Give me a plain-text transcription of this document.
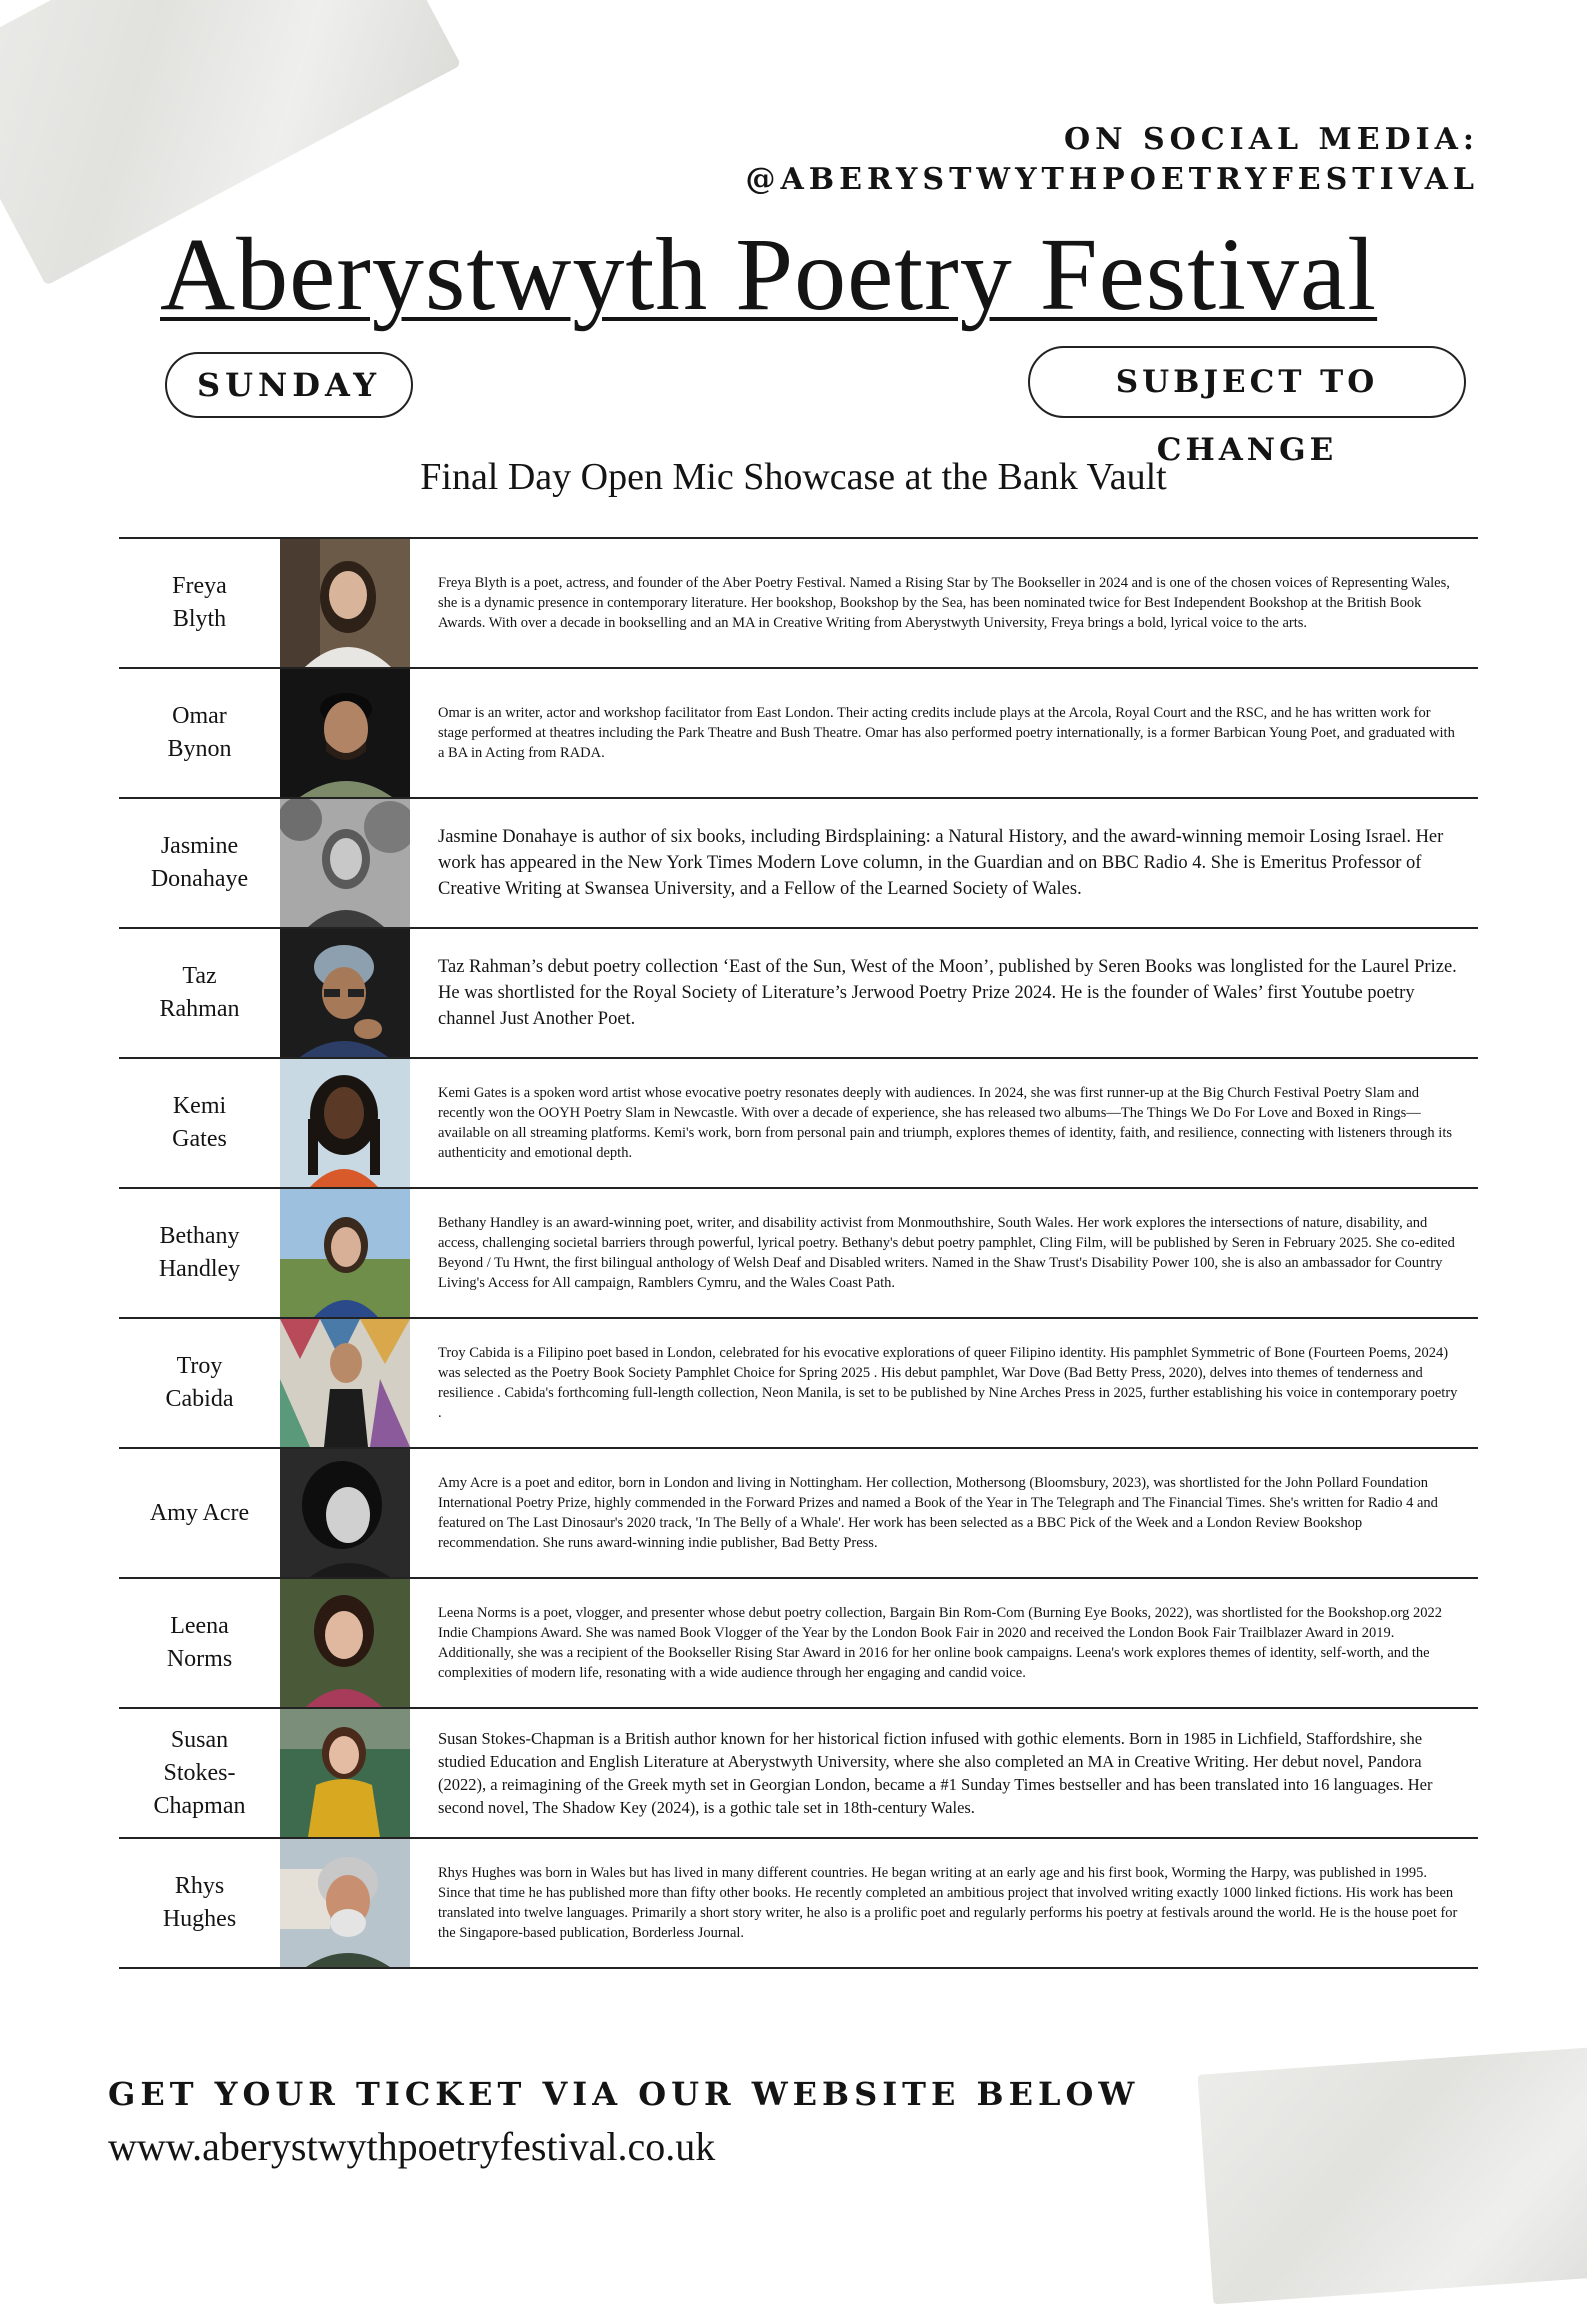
ON SOCIAL MEDIA:
@ABERYSTWYTHPOETRYFESTIVAL
Aberystwyth Poetry Festival
SUNDAY	SUBJECT TO CHANGE
Final Day Open Mic Showcase at the Bank Vault
Freya
Blyth

Freya Blyth is a poet, actress, and founder of the Aber Poetry Festival. Named a Rising Star by The Bookseller in 2024 and is one of the chosen voices of Representing Wales, she is a dynamic presence in contemporary literature. Her bookshop, Bookshop by the Sea, has been nominated twice for Best Independent Bookshop at the British Book Awards. With over a decade in bookselling and an MA in Creative Writing from Aberystwyth University, Freya brings a bold, lyrical voice to the arts.

Omar
Bynon

Omar is an writer, actor and workshop facilitator from East London. Their acting credits include plays at the Arcola, Royal Court and the RSC, and he has written work for stage performed at theatres including the Park Theatre and Bush Theatre. Omar has also performed poetry internationally, is a former Barbican Young Poet, and graduated with a BA in Acting from RADA.

Jasmine
Donahaye

Jasmine Donahaye is author of six books, including Birdsplaining: a Natural History, and the award-winning memoir Losing Israel. Her work has appeared in the New York Times Modern Love column, in the Guardian and on BBC Radio 4. She is Emeritus Professor of Creative Writing at Swansea University, and a Fellow of the Learned Society of Wales.

Taz
Rahman

Taz Rahman’s debut poetry collection ‘East of the Sun, West of the Moon’, published by Seren Books was longlisted for the Laurel Prize. He was shortlisted for the Royal Society of Literature’s Jerwood Poetry Prize 2024. He is the founder of Wales’ first Youtube poetry channel Just Another Poet.

Kemi
Gates

Kemi Gates is a spoken word artist whose evocative poetry resonates deeply with audiences. In 2024, she was first runner-up at the Big Church Festival Poetry Slam and recently won the OOYH Poetry Slam in Newcastle. With over a decade of experience, she has released two albums—The Things We Do For Love and Boxed in Rings—available on all streaming platforms. Kemi's work, born from personal pain and triumph, explores themes of identity, faith, and resilience, connecting with listeners through its authenticity and emotional depth.

Bethany
Handley

Bethany Handley is an award-winning poet, writer, and disability activist from Monmouthshire, South Wales. Her work explores the intersections of nature, disability, and access, challenging societal barriers through powerful, lyrical poetry. Bethany's debut poetry pamphlet, Cling Film, will be published by Seren in February 2025. She co-edited Beyond / Tu Hwnt, the first bilingual anthology of Welsh Deaf and Disabled writers. Named in the Shaw Trust's Disability Power 100, she is also an ambassador for Country Living's Access for All campaign, Ramblers Cymru, and the Wales Coast Path.

Troy
Cabida

Troy Cabida is a Filipino poet based in London, celebrated for his evocative explorations of queer Filipino identity. His pamphlet Symmetric of Bone (Fourteen Poems, 2024) was selected as the Poetry Book Society Pamphlet Choice for Spring 2025 . His debut pamphlet, War Dove (Bad Betty Press, 2020), delves into themes of tenderness and resilience . Cabida's forthcoming full-length collection, Neon Manila, is set to be published by Nine Arches Press in 2025, further establishing his voice in contemporary poetry .

Amy Acre

Amy Acre is a poet and editor, born in London and living in Nottingham. Her collection, Mothersong (Bloomsbury, 2023), was shortlisted for the John Pollard Foundation International Poetry Prize, highly commended in the Forward Prizes and named a Book of the Year in The Telegraph and The Financial Times. She's written for Radio 4 and featured on The Last Dinosaur's 2020 track, 'In The Belly of a Whale'. Her work has been selected as a BBC Pick of the Week and a London Review Bookshop recommendation. She runs award-winning indie publisher, Bad Betty Press.

Leena
Norms

Leena Norms is a poet, vlogger, and presenter whose debut poetry collection, Bargain Bin Rom-Com (Burning Eye Books, 2022), was shortlisted for the Bookshop.org 2022 Indie Champions Award. She was named Book Vlogger of the Year by the London Book Fair in 2020 and received the London Book Fair Trailblazer Award in 2019. Additionally, she was a recipient of the Bookseller Rising Star Award in 2016 for her online book campaigns. Leena's work explores themes of identity, self-worth, and the complexities of modern life, resonating with a wide audience through her engaging and candid voice.

Susan
Stokes-
Chapman

Susan Stokes-Chapman is a British author known for her historical fiction infused with gothic elements. Born in 1985 in Lichfield, Staffordshire, she studied Education and English Literature at Aberystwyth University, where she also completed an MA in Creative Writing. Her debut novel, Pandora (2022), a reimagining of the Greek myth set in Georgian London, became a #1 Sunday Times bestseller and has been translated into 16 languages. Her second novel, The Shadow Key (2024), is a gothic tale set in 18th-century Wales.

Rhys
Hughes

Rhys Hughes was born in Wales but has lived in many different countries. He began writing at an early age and his first book, Worming the Harpy, was published in 1995. Since that time he has published more than fifty other books. He recently completed an ambitious project that involved writing exactly 1000 linked fictions. His work has been translated into twelve languages. Primarily a short story writer, he also is a prolific poet and regularly performs his poetry at festivals around the world. He is the house poet for the Singapore-based publication, Borderless Journal.

GET YOUR TICKET VIA OUR WEBSITE BELOW
www.aberystwythpoetryfestival.co.uk
